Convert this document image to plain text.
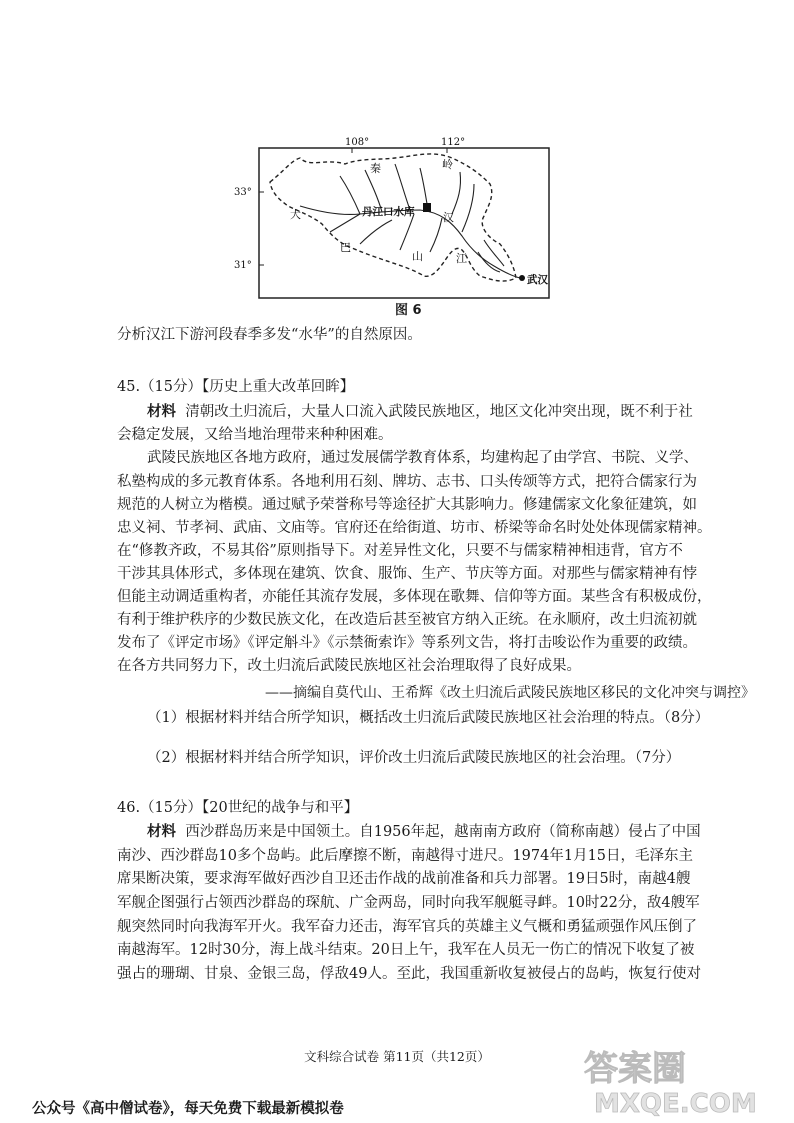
108°	112°
33°
31°
秦	岭
大
巴
山
汉
江
丹江口水库
武汉
图 6
分析汉江下游河段春季多发“水华”的自然原因。
45.（15分）【历史上重大改革回眸】
材料 清朝改土归流后，大量人口流入武陵民族地区，地区文化冲突出现，既不利于社
会稳定发展，又给当地治理带来种种困难。
武陵民族地区各地方政府，通过发展儒学教育体系，均建构起了由学宫、书院、义学、
私塾构成的多元教育体系。各地利用石刻、牌坊、志书、口头传颂等方式，把符合儒家行为
规范的人树立为楷模。通过赋予荣誉称号等途径扩大其影响力。修建儒家文化象征建筑，如
忠义祠、节孝祠、武庙、文庙等。官府还在给街道、坊市、桥梁等命名时处处体现儒家精神。
在“修教齐政，不易其俗”原则指导下。对差异性文化，只要不与儒家精神相违背，官方不
干涉其具体形式，多体现在建筑、饮食、服饰、生产、节庆等方面。对那些与儒家精神有悖
但能主动调适重构者，亦能任其流存发展，多体现在歌舞、信仰等方面。某些含有积极成份，
有利于维护秩序的少数民族文化，在改造后甚至被官方纳入正统。在永顺府，改土归流初就
发布了《评定市场》《评定斛斗》《示禁衙索诈》等系列文告，将打击唆讼作为重要的政绩。
在各方共同努力下，改土归流后武陵民族地区社会治理取得了良好成果。
——摘编自莫代山、王希辉《改土归流后武陵民族地区移民的文化冲突与调控》
（1）根据材料并结合所学知识，概括改土归流后武陵民族地区社会治理的特点。（8分）
（2）根据材料并结合所学知识，评价改土归流后武陵民族地区的社会治理。（7分）
46.（15分）【20世纪的战争与和平】
材料 西沙群岛历来是中国领土。自1956年起，越南南方政府（简称南越）侵占了中国
南沙、西沙群岛10多个岛屿。此后摩擦不断，南越得寸进尺。1974年1月15日，毛泽东主
席果断决策，要求海军做好西沙自卫还击作战的战前准备和兵力部署。19日5时，南越4艘
军舰企图强行占领西沙群岛的琛航、广金两岛，同时向我军舰艇寻衅。10时22分，敌4艘军
舰突然同时向我海军开火。我军奋力还击，海军官兵的英雄主义气概和勇猛顽强作风压倒了
南越海军。12时30分，海上战斗结束。20日上午，我军在人员无一伤亡的情况下收复了被
强占的珊瑚、甘泉、金银三岛，俘敌49人。至此，我国重新收复被侵占的岛屿，恢复行使对
文科综合试卷 第11页（共12页）
公众号《高中僧试卷》，每天免费下载最新模拟卷
答案圈
MXQE.COM
